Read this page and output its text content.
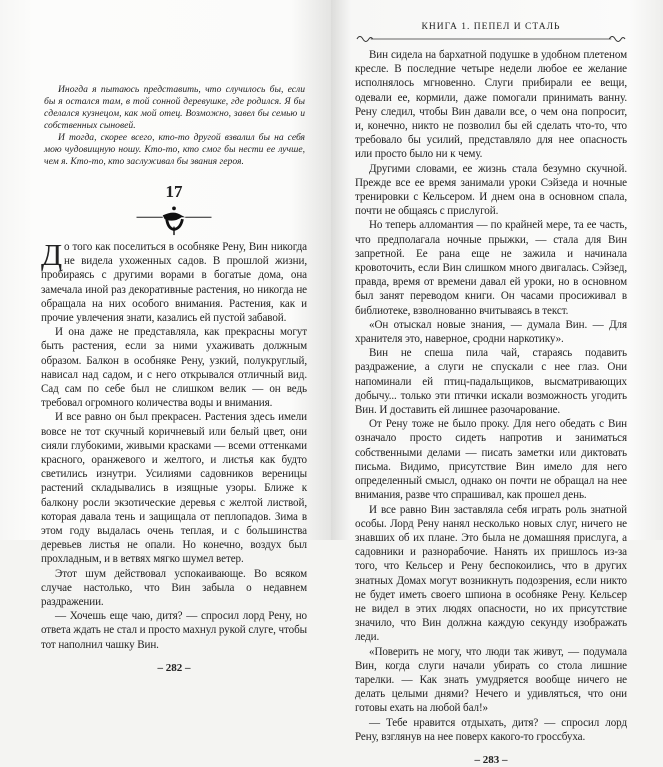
Иногда я пытаюсь представить, что случилось бы, если бы я остался там, в той сонной деревушке, где родился. Я бы сделался кузнецом, как мой отец. Возможно, завел бы семью и собственных сыновей.

И тогда, скорее всего, кто-то другой взвалил бы на себя мою чудовищную ношу. Кто-то, кто смог бы нести ее лучше, чем я. Кто-то, кто заслуживал бы звания героя.

17

До того как поселиться в особняке Рену, Вин никогда не видела ухоженных садов. В прошлой жизни, пробираясь с другими ворами в богатые дома, она замечала иной раз декоративные растения, но никогда не обращала на них особого внимания. Растения, как и прочие увлечения знати, казались ей пустой забавой.

И она даже не представляла, как прекрасны могут быть растения, если за ними ухаживать должным образом. Балкон в особняке Рену, узкий, полукруглый, нависал над садом, и с него открывался отличный вид. Сад сам по себе был не слишком велик — он ведь требовал огромного количества воды и внимания.

И все равно он был прекрасен. Растения здесь имели вовсе не тот скучный коричневый или белый цвет, они сияли глубокими, живыми красками — всеми оттенками красного, оранжевого и желтого, и листья как будто светились изнутри. Усилиями садовников вереницы растений складывались в изящные узоры. Ближе к балкону росли экзотические деревья с желтой листвой, которая давала тень и защищала от пеплопадов. Зима в этом году выдалась очень теплая, и с большинства деревьев листья не опали. Но конечно, воздух был прохладным, и в ветвях мягко шумел ветер.

Этот шум действовал успокаивающе. Во всяком случае настолько, что Вин забыла о недавнем раздражении.

— Хочешь еще чаю, дитя? — спросил лорд Рену, но ответа ждать не стал и просто махнул рукой слуге, чтобы тот наполнил чашку Вин.

– 282 –
КНИГА 1. ПЕПЕЛ И СТАЛЬ

Вин сидела на бархатной подушке в удобном плетеном кресле. В последние четыре недели любое ее желание исполнялось мгновенно. Слуги прибирали ее вещи, одевали ее, кормили, даже помогали принимать ванну. Рену следил, чтобы Вин давали все, о чем она попросит, и, конечно, никто не позволил бы ей сделать что-то, что требовало бы усилий, представляло для нее опасность или просто было ни к чему.

Другими словами, ее жизнь стала безумно скучной. Прежде все ее время занимали уроки Сэйзеда и ночные тренировки с Кельсером. И днем она в основном спала, почти не общаясь с прислугой.

Но теперь алломантия — по крайней мере, та ее часть, что предполагала ночные прыжки, — стала для Вин запретной. Ее рана еще не зажила и начинала кровоточить, если Вин слишком много двигалась. Сэйзед, правда, время от времени давал ей уроки, но в основном был занят переводом книги. Он часами просиживал в библиотеке, взволнованно вчитываясь в текст.

«Он отыскал новые знания, — думала Вин. — Для хранителя это, наверное, сродни наркотику».

Вин не спеша пила чай, стараясь подавить раздражение, а слуги не спускали с нее глаз. Они напоминали ей птиц-падальщиков, высматривающих добычу... только эти птички искали возможность угодить Вин. И доставить ей лишнее разочарование.

От Рену тоже не было проку. Для него обедать с Вин означало просто сидеть напротив и заниматься собственными делами — писать заметки или диктовать письма. Видимо, присутствие Вин имело для него определенный смысл, однако он почти не обращал на нее внимания, разве что спрашивал, как прошел день.

И все равно Вин заставляла себя играть роль знатной особы. Лорд Рену нанял несколько новых слуг, ничего не знавших об их плане. Это была не домашняя прислуга, а садовники и разнорабочие. Нанять их пришлось из-за того, что Кельсер и Рену беспокоились, что в других знатных Домах могут возникнуть подозрения, если никто не будет иметь своего шпиона в особняке Рену. Кельсер не видел в этих людях опасности, но их присутствие значило, что Вин должна каждую секунду изображать леди.

«Поверить не могу, что люди так живут, — подумала Вин, когда слуги начали убирать со стола лишние тарелки. — Как знать умудряется вообще ничего не делать целыми днями? Нечего и удивляться, что они готовы ехать на любой бал!»

— Тебе нравится отдыхать, дитя? — спросил лорд Рену, взглянув на нее поверх какого-то гроссбуха.

– 283 –
